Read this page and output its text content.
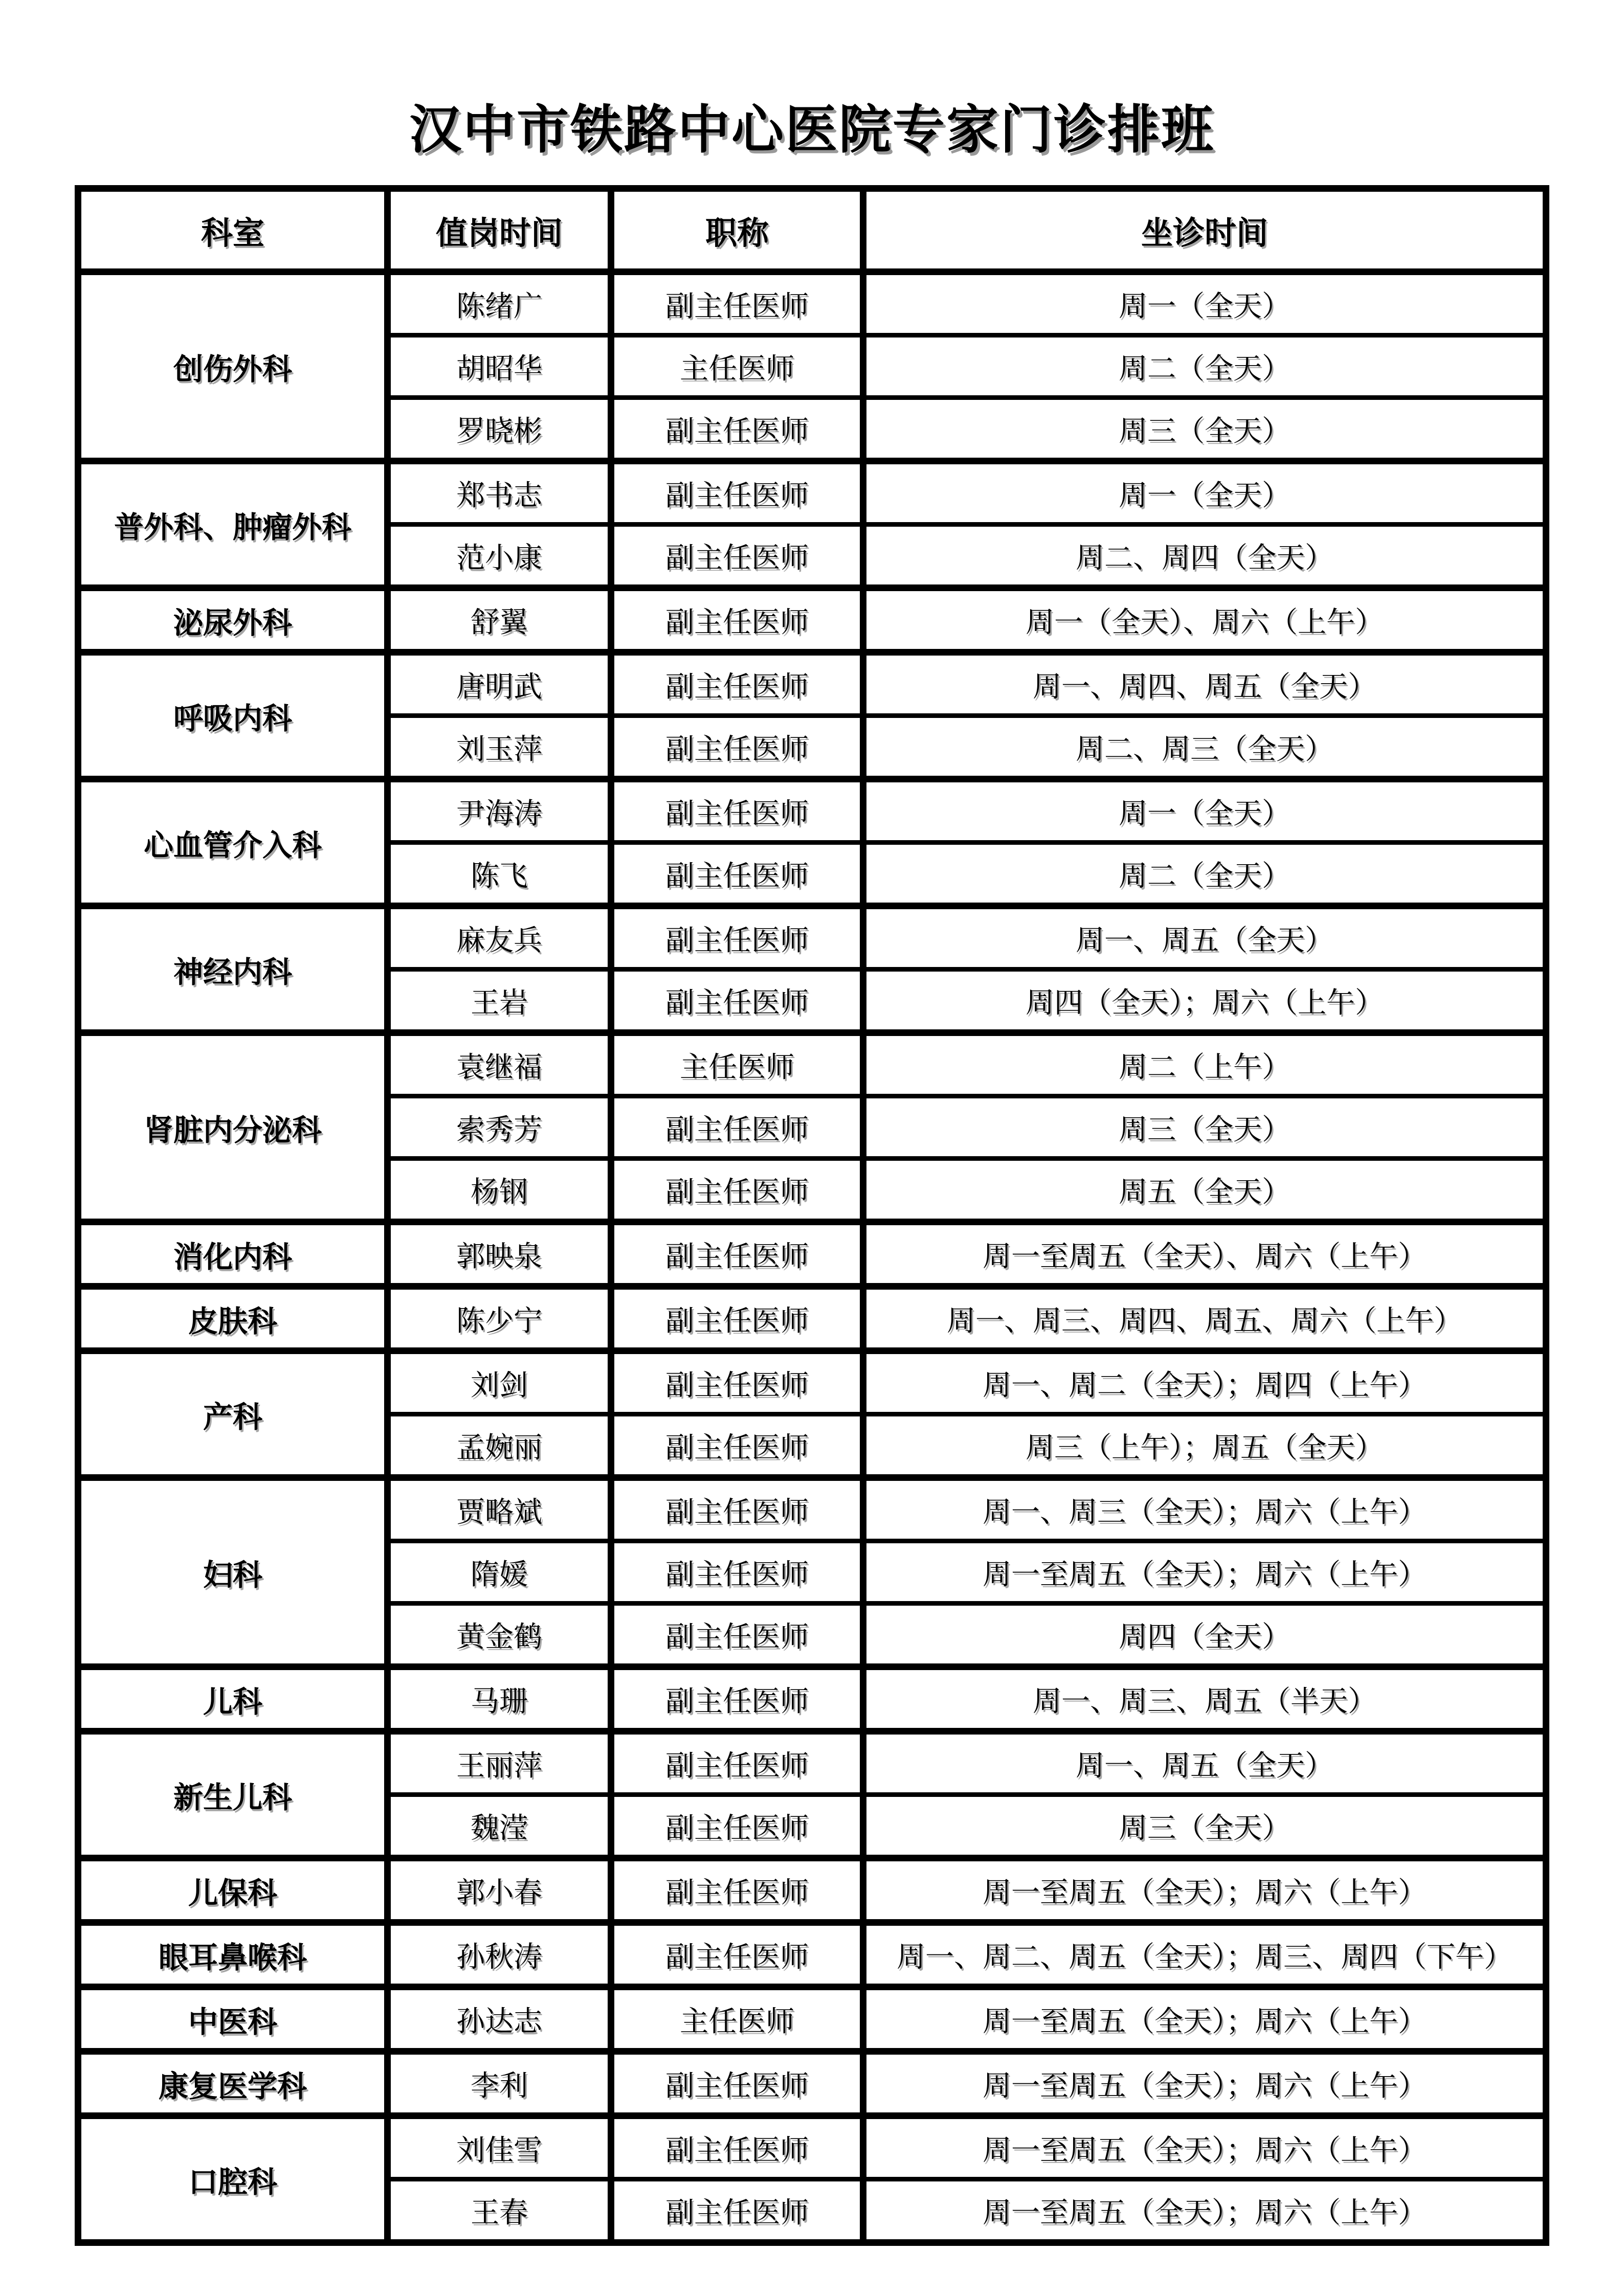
汉中市铁路中心医院专家门诊排班
科室	值岗时间	职称	坐诊时间
创伤外科	陈绪广	副主任医师	周一（全天）
	胡昭华	主任医师	周二（全天）
	罗晓彬	副主任医师	周三（全天）
普外科、肿瘤外科	郑书志	副主任医师	周一（全天）
	范小康	副主任医师	周二、周四（全天）
泌尿外科	舒翼	副主任医师	周一（全天）、周六（上午）
呼吸内科	唐明武	副主任医师	周一、周四、周五（全天）
	刘玉萍	副主任医师	周二、周三（全天）
心血管介入科	尹海涛	副主任医师	周一（全天）
	陈飞	副主任医师	周二（全天）
神经内科	麻友兵	副主任医师	周一、周五（全天）
	王岩	副主任医师	周四（全天）；周六（上午）
肾脏内分泌科	袁继福	主任医师	周二（上午）
	索秀芳	副主任医师	周三（全天）
	杨钢	副主任医师	周五（全天）
消化内科	郭映泉	副主任医师	周一至周五（全天）、周六（上午）
皮肤科	陈少宁	副主任医师	周一、周三、周四、周五、周六（上午）
产科	刘剑	副主任医师	周一、周二（全天）；周四（上午）
	孟婉丽	副主任医师	周三（上午）；周五（全天）
妇科	贾略斌	副主任医师	周一、周三（全天）；周六（上午）
	隋媛	副主任医师	周一至周五（全天）；周六（上午）
	黄金鹤	副主任医师	周四（全天）
儿科	马珊	副主任医师	周一、周三、周五（半天）
新生儿科	王丽萍	副主任医师	周一、周五（全天）
	魏滢	副主任医师	周三（全天）
儿保科	郭小春	副主任医师	周一至周五（全天）；周六（上午）
眼耳鼻喉科	孙秋涛	副主任医师	周一、周二、周五（全天）；周三、周四（下午）
中医科	孙达志	主任医师	周一至周五（全天）；周六（上午）
康复医学科	李利	副主任医师	周一至周五（全天）；周六（上午）
口腔科	刘佳雪	副主任医师	周一至周五（全天）；周六（上午）
	王春	副主任医师	周一至周五（全天）；周六（上午）
